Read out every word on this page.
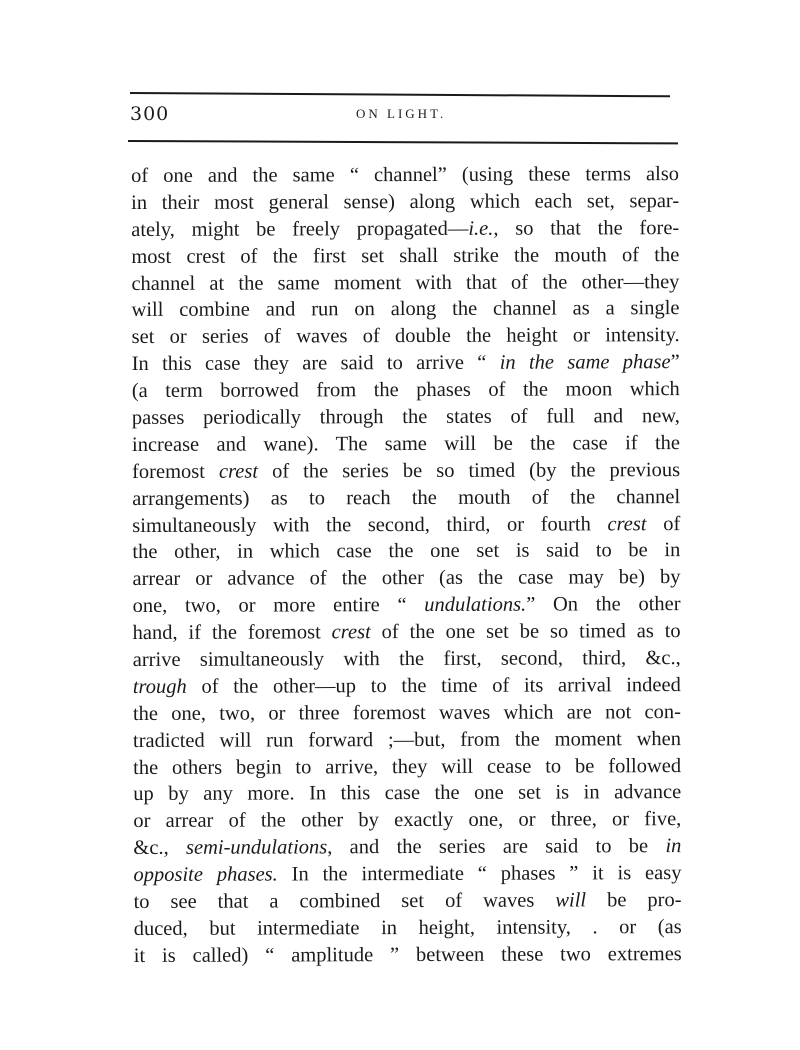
300	ON LIGHT.
of one and the same “ channel” (using these terms also
in their most general sense) along which each set, separ-
ately, might be freely propagated—i.e., so that the fore-
most crest of the first set shall strike the mouth of the
channel at the same moment with that of the other—they
will combine and run on along the channel as a single
set or series of waves of double the height or intensity.
In this case they are said to arrive “ in the same phase”
(a term borrowed from the phases of the moon which
passes periodically through the states of full and new,
increase and wane). The same will be the case if the
foremost crest of the series be so timed (by the previous
arrangements) as to reach the mouth of the channel
simultaneously with the second, third, or fourth crest of
the other, in which case the one set is said to be in
arrear or advance of the other (as the case may be) by
one, two, or more entire “ undulations.” On the other
hand, if the foremost crest of the one set be so timed as to
arrive simultaneously with the first, second, third, &c.,
trough of the other—up to the time of its arrival indeed
the one, two, or three foremost waves which are not con-
tradicted will run forward ;—but, from the moment when
the others begin to arrive, they will cease to be followed
up by any more. In this case the one set is in advance
or arrear of the other by exactly one, or three, or five,
&c., semi-undulations, and the series are said to be in
opposite phases. In the intermediate “ phases ” it is easy
to see that a combined set of waves will be pro-
duced, but intermediate in height, intensity, . or (as
it is called) “ amplitude ” between these two extremes
